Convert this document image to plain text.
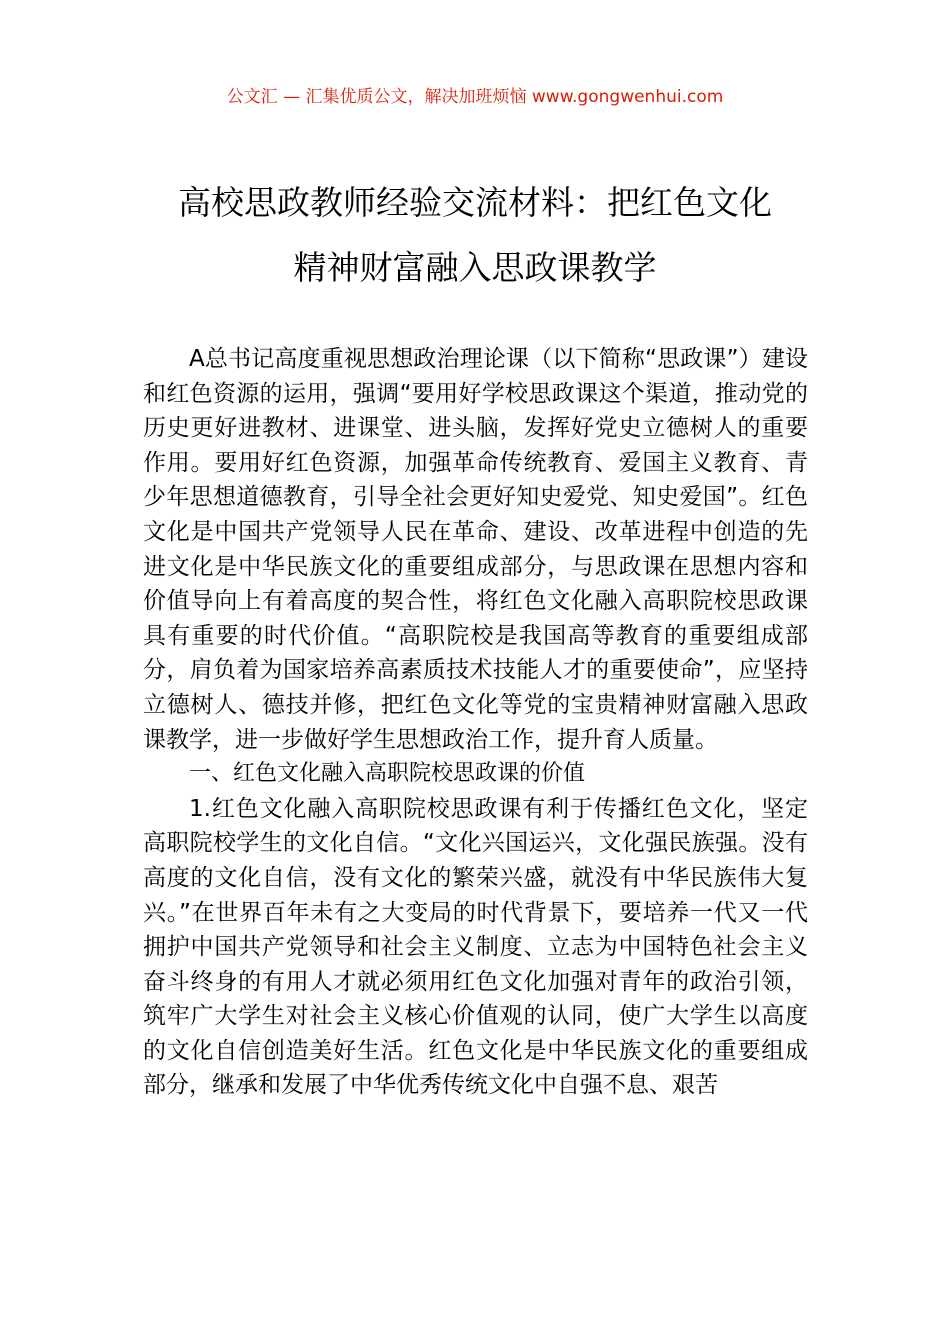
公文汇 — 汇集优质公文，解决加班烦恼 www.gongwenhui.com
高校思政教师经验交流材料：把红色文化
精神财富融入思政课教学

A总书记高度重视思想政治理论课（以下简称“思政课”）建设和红色资源的运用，强调“要用好学校思政课这个渠道，推动党的历史更好进教材、进课堂、进头脑，发挥好党史立德树人的重要作用。要用好红色资源，加强革命传统教育、爱国主义教育、青少年思想道德教育，引导全社会更好知史爱党、知史爱国”。红色文化是中国共产党领导人民在革命、建设、改革进程中创造的先进文化是中华民族文化的重要组成部分，与思政课在思想内容和价值导向上有着高度的契合性，将红色文化融入高职院校思政课具有重要的时代价值。“高职院校是我国高等教育的重要组成部分，肩负着为国家培养高素质技术技能人才的重要使命”，应坚持立德树人、德技并修，把红色文化等党的宝贵精神财富融入思政课教学，进一步做好学生思想政治工作，提升育人质量。

一、红色文化融入高职院校思政课的价值

1.红色文化融入高职院校思政课有利于传播红色文化，坚定高职院校学生的文化自信。“文化兴国运兴，文化强民族强。没有高度的文化自信，没有文化的繁荣兴盛，就没有中华民族伟大复兴。”在世界百年未有之大变局的时代背景下，要培养一代又一代拥护中国共产党领导和社会主义制度、立志为中国特色社会主义奋斗终身的有用人才就必须用红色文化加强对青年的政治引领，筑牢广大学生对社会主义核心价值观的认同，使广大学生以高度的文化自信创造美好生活。红色文化是中华民族文化的重要组成部分，继承和发展了中华优秀传统文化中自强不息、艰苦
